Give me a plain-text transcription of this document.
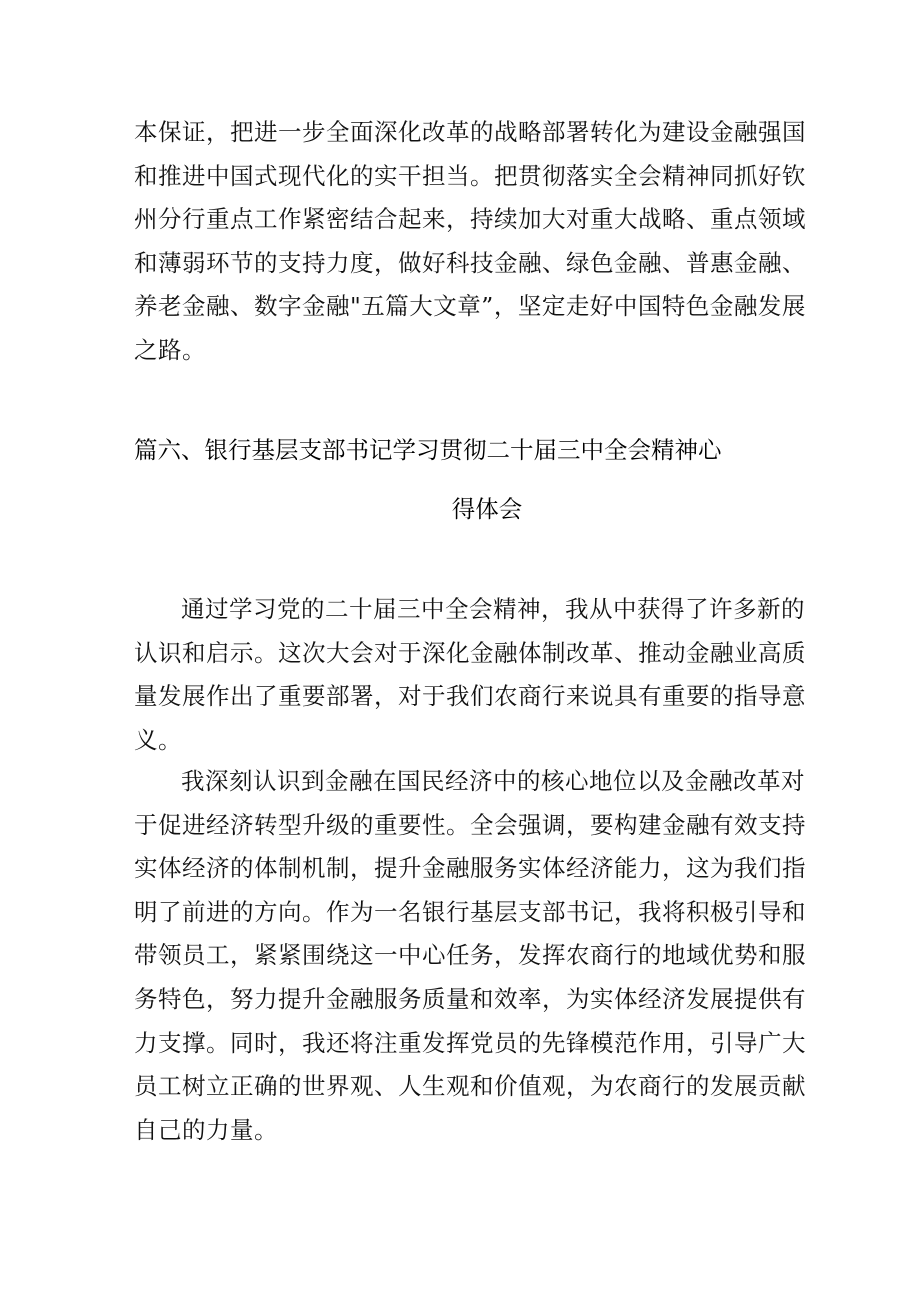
本保证，把进一步全面深化改革的战略部署转化为建设金融强国
和推进中国式现代化的实干担当。把贯彻落实全会精神同抓好钦
州分行重点工作紧密结合起来，持续加大对重大战略、重点领域
和薄弱环节的支持力度，做好科技金融、绿色金融、普惠金融、
养老金融、数字金融"五篇大文章”，坚定走好中国特色金融发展
之路。
篇六、银行基层支部书记学习贯彻二十届三中全会精神心
得体会
通过学习党的二十届三中全会精神，我从中获得了许多新的
认识和启示。这次大会对于深化金融体制改革、推动金融业高质
量发展作出了重要部署，对于我们农商行来说具有重要的指导意
义。
我深刻认识到金融在国民经济中的核心地位以及金融改革对
于促进经济转型升级的重要性。全会强调，要构建金融有效支持
实体经济的体制机制，提升金融服务实体经济能力，这为我们指
明了前进的方向。作为一名银行基层支部书记，我将积极引导和
带领员工，紧紧围绕这一中心任务，发挥农商行的地域优势和服
务特色，努力提升金融服务质量和效率，为实体经济发展提供有
力支撑。同时，我还将注重发挥党员的先锋模范作用，引导广大
员工树立正确的世界观、人生观和价值观，为农商行的发展贡献
自己的力量。
